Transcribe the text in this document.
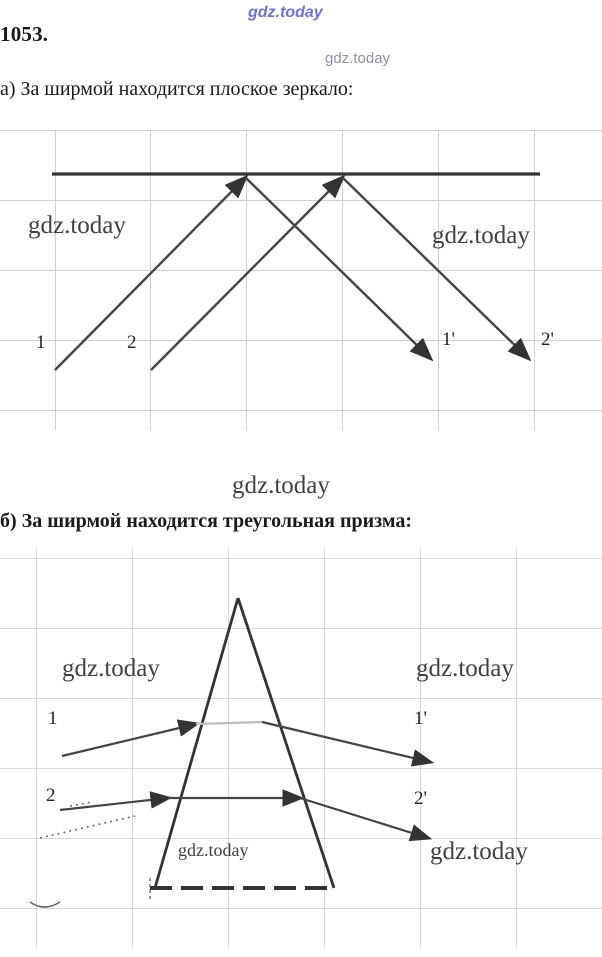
gdz.today
gdz.today
1053.
а) За ширмой находится плоское зеркало:
б) За ширмой находится треугольная призма:
1	2	1'	2'
gdz.today	gdz.today
gdz.today
1
2
1'
2'
gdz.today	gdz.today
gdz.today	gdz.today
